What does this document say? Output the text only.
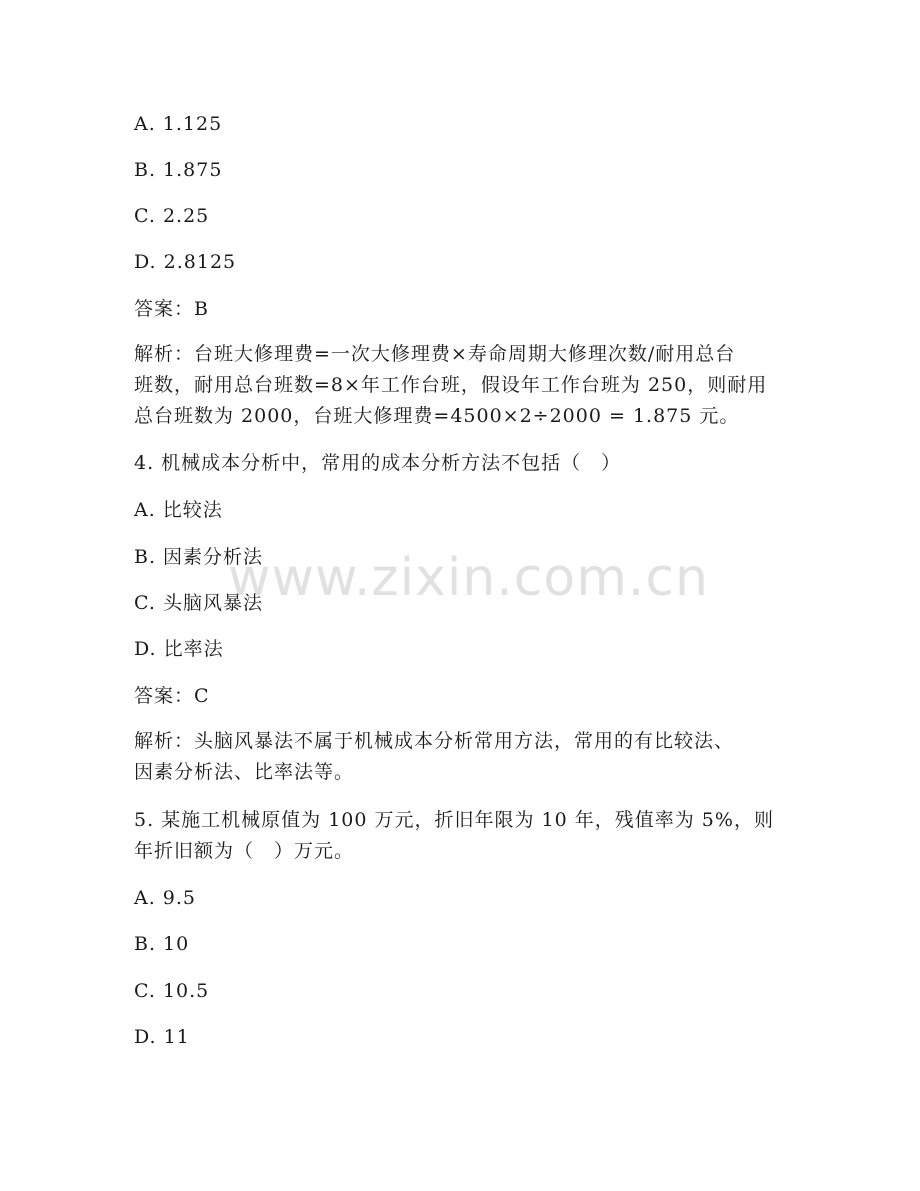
A. 1.125
B. 1.875
C. 2.25
D. 2.8125
答案：B
解析：台班大修理费=一次大修理费×寿命周期大修理次数/耐用总台
班数，耐用总台班数=8×年工作台班，假设年工作台班为 250，则耐用
总台班数为 2000，台班大修理费=4500×2÷2000 = 1.875 元。
4. 机械成本分析中，常用的成本分析方法不包括（　）
A. 比较法
B. 因素分析法
C. 头脑风暴法
D. 比率法
答案：C
解析：头脑风暴法不属于机械成本分析常用方法，常用的有比较法、
因素分析法、比率法等。
5. 某施工机械原值为 100 万元，折旧年限为 10 年，残值率为 5%，则
年折旧额为（　）万元。
A. 9.5
B. 10
C. 10.5
D. 11
www.zixin.com.cn
